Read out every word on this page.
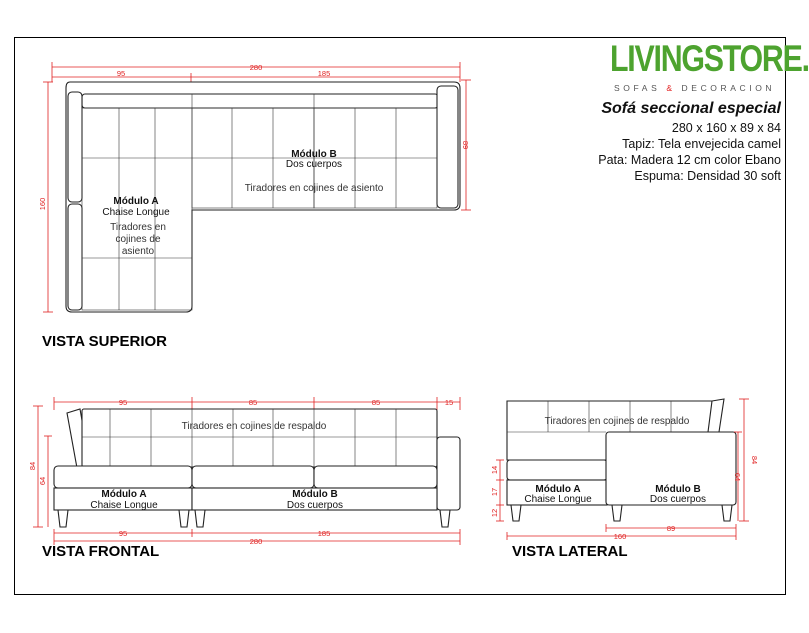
LIVINGSTORE.
SOFAS & DECORACION
Sofá seccional especial
280 x 160 x 89 x 84
Tapiz: Tela envejecida camel
Pata: Madera 12 cm color Ebano
Espuma: Densidad 30 soft
VISTA SUPERIOR
VISTA FRONTAL	VISTA LATERAL
280
95	185
160
89
Módulo B
Dos cuerpos
Tiradores en cojines de asiento
Módulo A
Chaise Longue
Tiradores en
cojines de
asiento
95	85	85	15
84
64
Tiradores en cojines de respaldo
Módulo A
Chaise Longue
Módulo B
Dos cuerpos
95	185
280
Tiradores en cojines de respaldo
Módulo A
Chaise Longue
Módulo B
Dos cuerpos
14
17
12
84
64
89
160
